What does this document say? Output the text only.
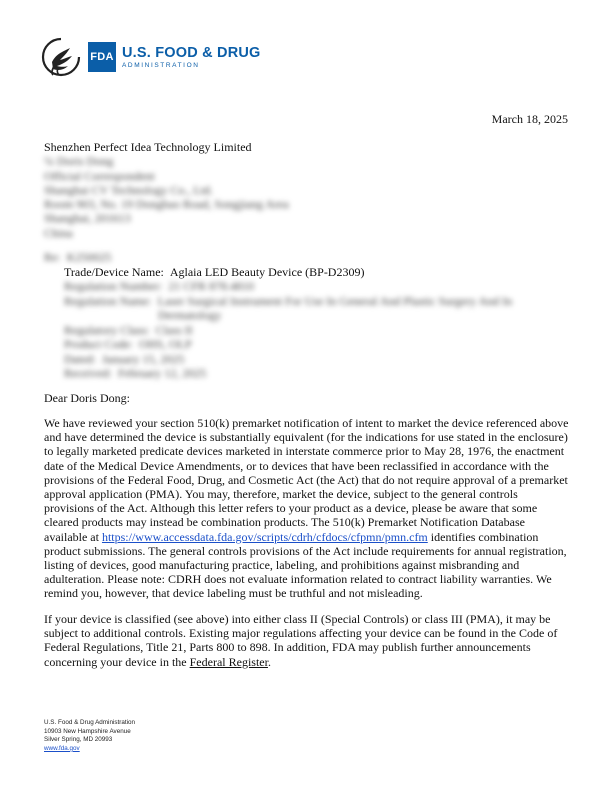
FDA U.S. FOOD & DRUG
ADMINISTRATION
March 18, 2025
Shenzhen Perfect Idea Technology Limited
℅ Doris Dong
Official Correspondent
Shanghai CV Technology Co., Ltd.
Room 903, No. 19 Dongbao Road, Songjiang Area
Shanghai, 201613
China
Re:
K250025
Trade/Device Name:
Aglaia LED Beauty Device (BP-D2309)
Regulation Number:
21 CFR 878.4810
Regulation Name:
Laser Surgical Instrument For Use In General And Plastic Surgery And In
Dermatology
Regulatory Class:
Class II
Product Code:
OHS, OLP
Dated:
January 15, 2025
Received:
February 12, 2025
Dear Doris Dong:
We have reviewed your section 510(k) premarket notification of intent to market the device referenced above and have determined the device is substantially equivalent (for the indications for use stated in the enclosure) to legally marketed predicate devices marketed in interstate commerce prior to May 28, 1976, the enactment date of the Medical Device Amendments, or to devices that have been reclassified in accordance with the provisions of the Federal Food, Drug, and Cosmetic Act (the Act) that do not require approval of a premarket approval application (PMA). You may, therefore, market the device, subject to the general controls provisions of the Act. Although this letter refers to your product as a device, please be aware that some cleared products may instead be combination products. The 510(k) Premarket Notification Database available at https://www.accessdata.fda.gov/scripts/cdrh/cfdocs/cfpmn/pmn.cfm identifies combination product submissions. The general controls provisions of the Act include requirements for annual registration, listing of devices, good manufacturing practice, labeling, and prohibitions against misbranding and adulteration. Please note: CDRH does not evaluate information related to contract liability warranties. We remind you, however, that device labeling must be truthful and not misleading.
If your device is classified (see above) into either class II (Special Controls) or class III (PMA), it may be subject to additional controls. Existing major regulations affecting your device can be found in the Code of Federal Regulations, Title 21, Parts 800 to 898. In addition, FDA may publish further announcements concerning your device in the Federal Register.
U.S. Food & Drug Administration
10903 New Hampshire Avenue
Silver Spring, MD 20993
www.fda.gov
